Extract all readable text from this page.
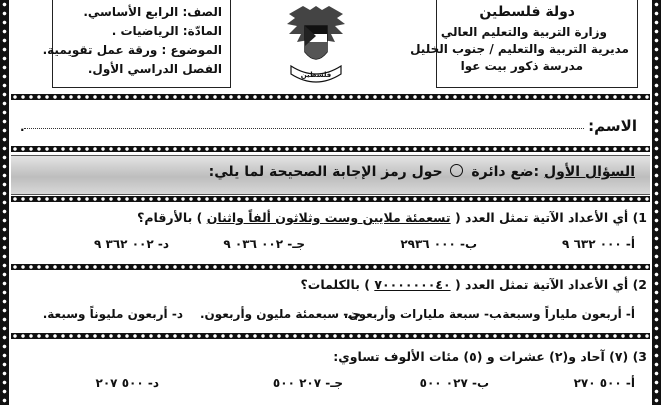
الصف: الرابع الأساسي.
المادّة: الرياضيات .
الموضوع : ورقة عمل تقويمية.
الفصل الدراسي الأول.	فلسطين
دولة فلسطين
وزارة التربية والتعليم العالي
مديرية التربية والتعليم / جنوب الخليل
مدرسة ذكور بيت عوا
الاسم:
.
السؤال الأول :ضع دائرة  حول رمز الإجابة الصحيحة لما يلي:
1) أي الأعداد الآتية تمثل العدد ( تسعمئة ملايين وست وثلاثون ألفاً واثنان ) بالأرقام؟
أ- ٠٠٠ ٦٣٢ ٩
ب- ٠٠٠ ٢٩٣٦
جـ- ٠٠٢ ٠٣٦ ٩
د- ٠٠٢ ٣٦٢ ٩
2) أي الأعداد الآتية تمثل العدد ( ٧٠٠٠٠٠٠٠٤٠ ) بالكلمات؟
أ- أربعون ملياراً وسبعة.
ب- سبعة مليارات وأربعون.
جـ- سبعمئة مليون وأربعون.
د- أربعون مليوناً وسبعة.
3) (٧) آحاد و(٢) عشرات و (٥) مئات الألوف تساوي:
أ- ٥٠٠ ٢٧٠
ب- ٠٢٧ ٥٠٠
جـ- ٢٠٧ ٥٠٠
د- ٥٠٠ ٢٠٧
